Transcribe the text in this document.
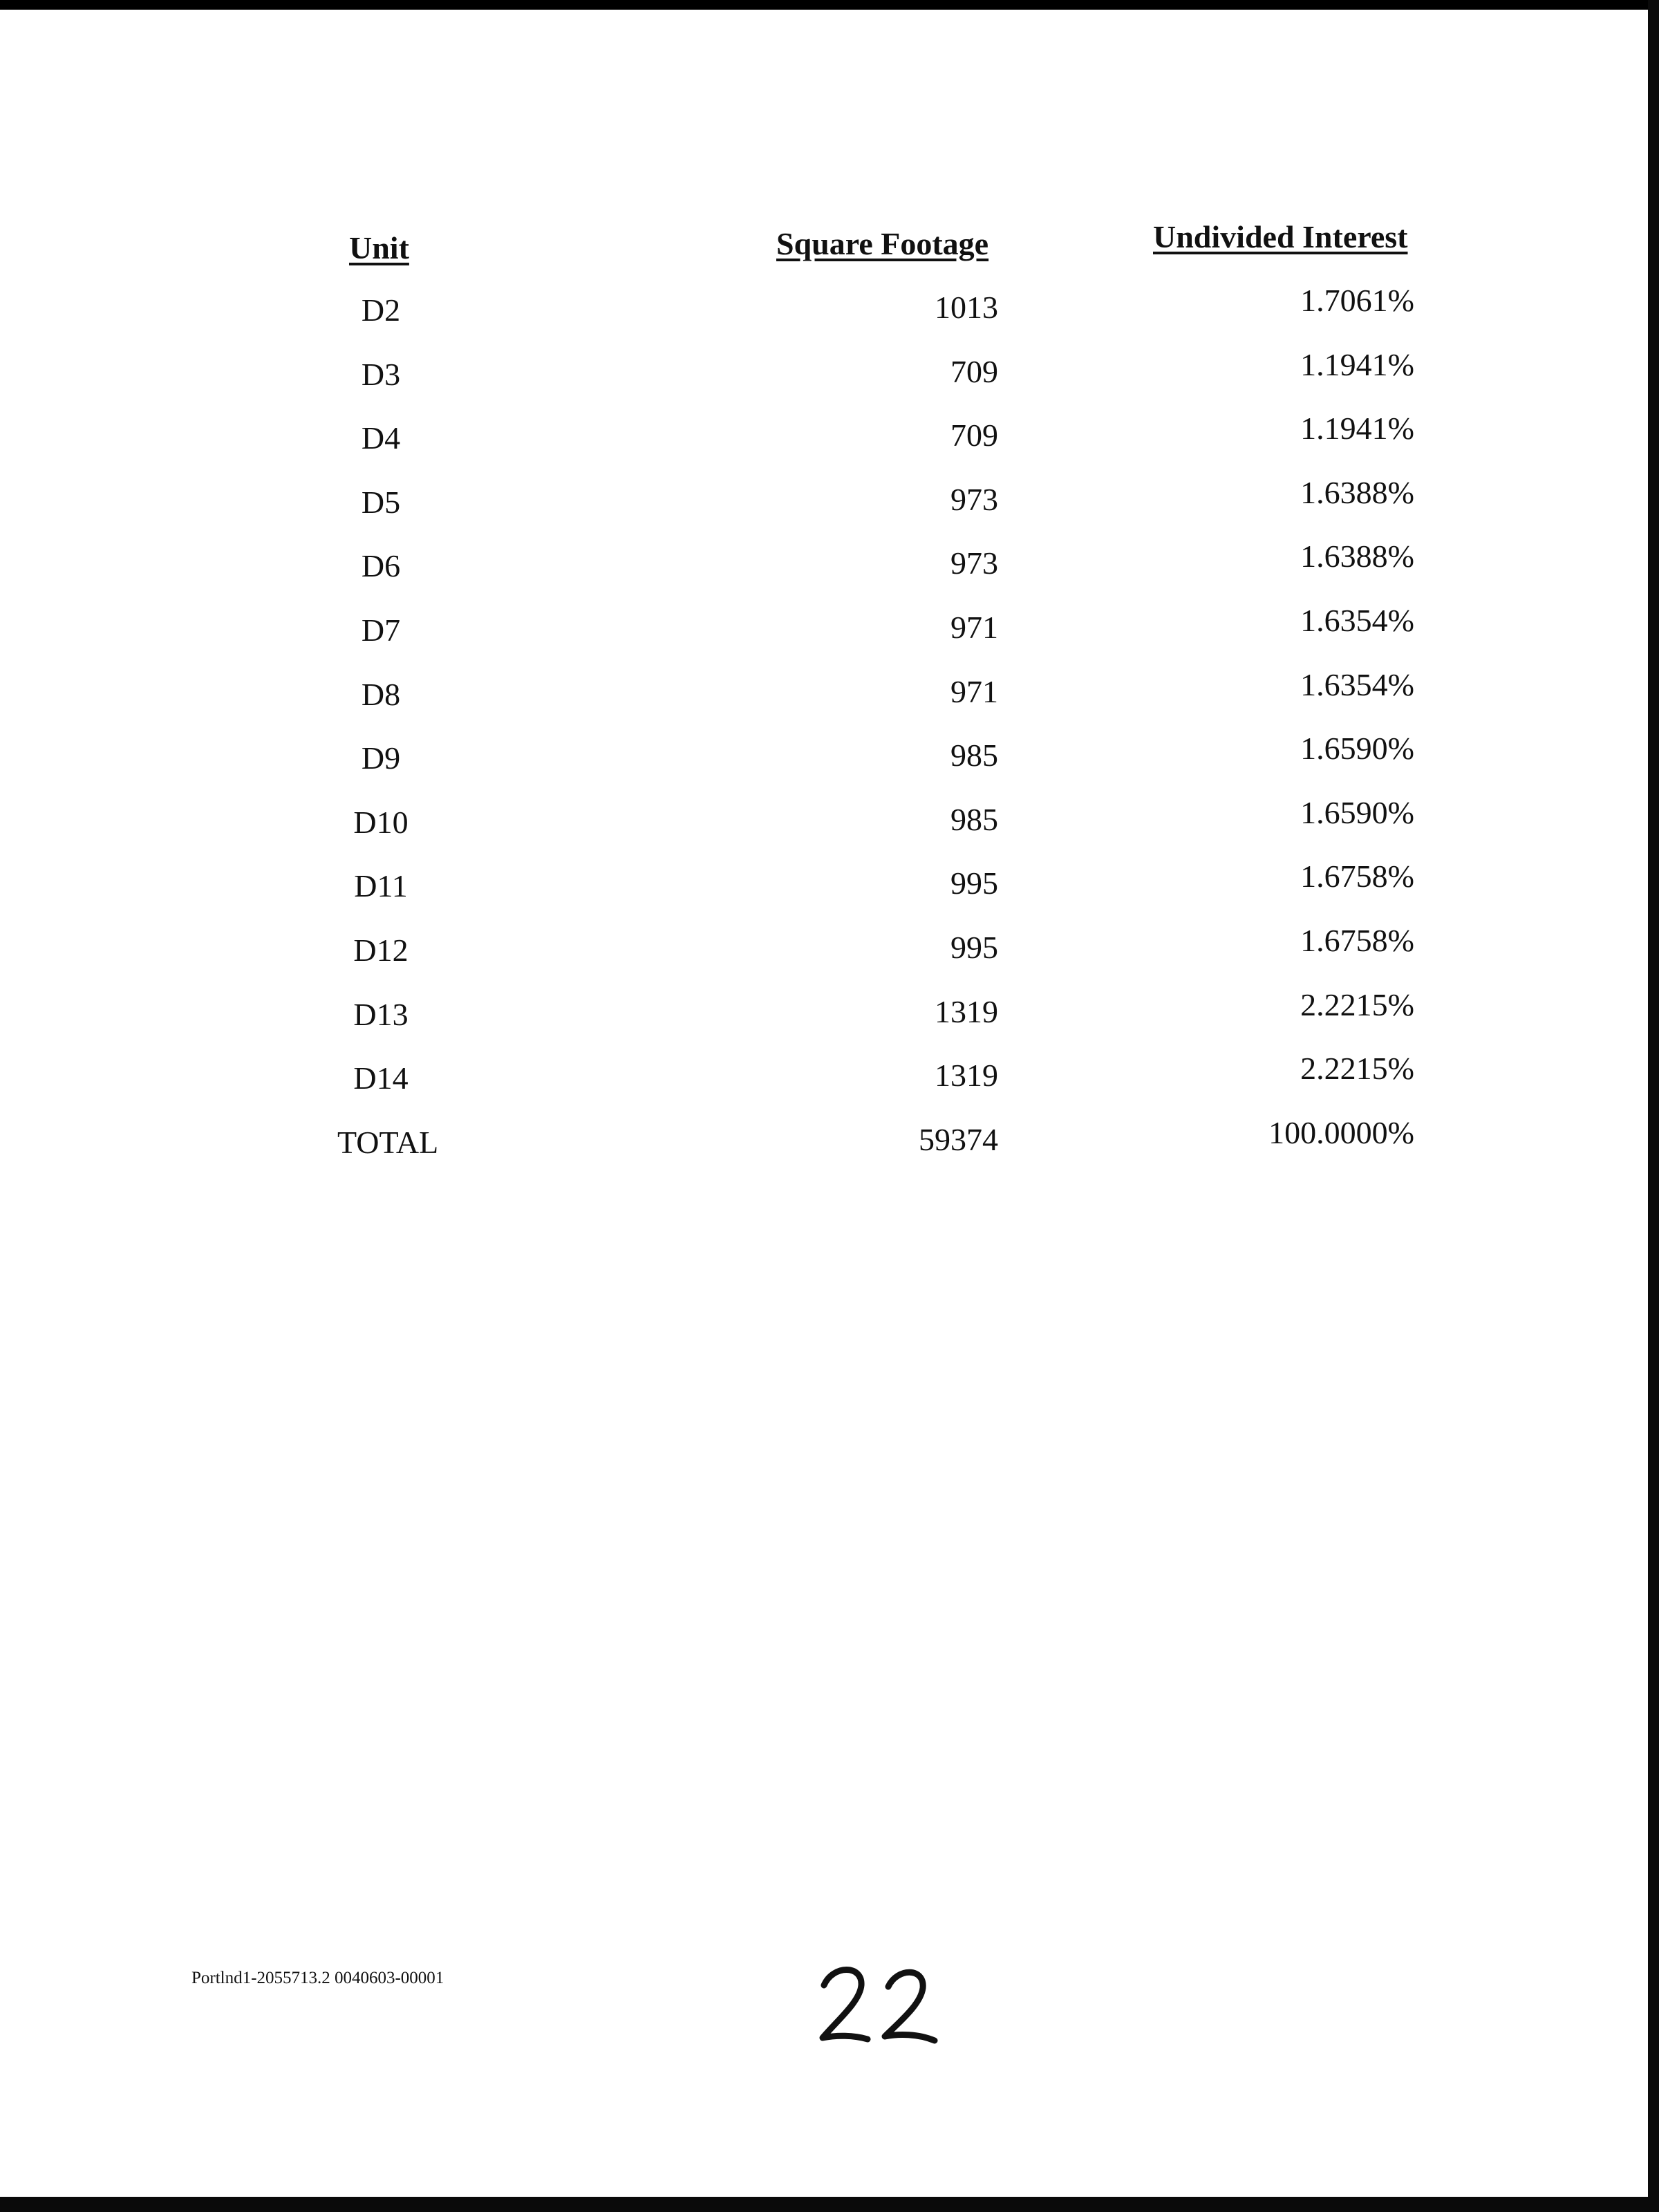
Unit	Square Footage	Undivided Interest
D2	1013	1.7061%
D3	709	1.1941%
D4	709	1.1941%
D5	973	1.6388%
D6	973	1.6388%
D7	971	1.6354%
D8	971	1.6354%
D9	985	1.6590%
D10	985	1.6590%
D11	995	1.6758%
D12	995	1.6758%
D13	1319	2.2215%
D14	1319	2.2215%
TOTAL	59374	100.0000%
Portlnd1-2055713.2 0040603-00001
